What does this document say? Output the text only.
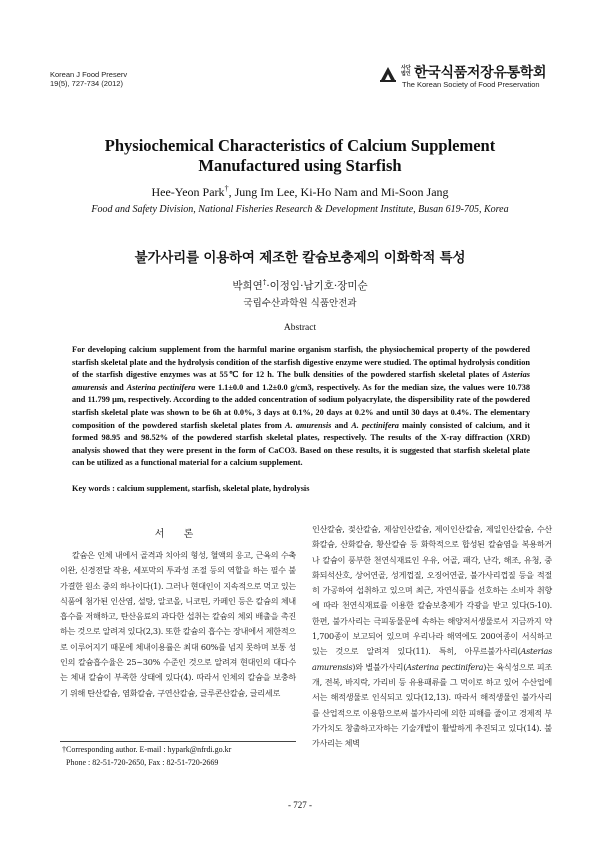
Korean J Food Preserv
19(5), 727-734 (2012)
사단
법인 한국식품저장유통학회
The Korean Society of Food Preservation
Physiochemical Characteristics of Calcium Supplement
Manufactured using Starfish
Hee-Yeon Park†, Jung Im Lee, Ki-Ho Nam and Mi-Soon Jang
Food and Safety Division, National Fisheries Research & Development Institute, Busan 619-705, Korea
불가사리를 이용하여 제조한 칼슘보충제의 이화학적 특성
박희연†·이정임·남기호·장미순
국립수산과학원 식품안전과
Abstract
For developing calcium supplement from the harmful marine organism starfish, the physiochemical property of the powdered starfish skeletal plate and the hydrolysis condition of the starfish digestive enzyme were studied. The optimal hydrolysis condition of the starfish digestive enzymes was at 55℃ for 12 h. The bulk densities of the powdered starfish skeletal plates of Asterias amurensis and Asterina pectinifera were 1.1±0.0 and 1.2±0.0 g/cm3, respectively. As for the median size, the values were 10.738 and 11.799 μm, respectively. According to the added concentration of sodium polyacrylate, the dispersibility rate of the powdered starfish skeletal plate was shown to be 6h at 0.0%, 3 days at 0.1%, 20 days at 0.2% and until 30 days at 0.4%. The elementary composition of the powdered starfish skeletal plates from A. amurensis and A. pectinifera mainly consisted of calcium, and it formed 98.95 and 98.52% of the powdered starfish skeletal plates, respectively. The results of the X-ray diffraction (XRD) analysis showed that they were present in the form of CaCO3. Based on these results, it is suggested that starfish skeletal plate can be utilized as a functional material for a calcium supplement.
Key words : calcium supplement, starfish, skeletal plate, hydrolysis
서 론

칼슘은 인체 내에서 골격과 치아의 형성, 혈액의 응고, 근육의 수축 이완, 신경전달 작용, 세포막의 투과성 조절 등의 역할을 하는 필수 불가결한 원소 중의 하나이다(1). 그러나 현대인이 지속적으로 먹고 있는 식품에 첨가된 인산염, 설탕, 알코올, 니코틴, 카페인 등은 칼슘의 체내 흡수를 저해하고, 탄산음료의 과다한 섭취는 칼슘의 체외 배출을 촉진하는 것으로 알려져 있다(2,3). 또한 칼슘의 흡수는 장내에서 제한적으로 이루어지기 때문에 체내이용률은 최대 60%를 넘지 못하며 보통 성인의 칼슘흡수율은 25~30% 수준인 것으로 알려져 현대인의 대다수는 체내 칼슘이 부족한 상태에 있다(4). 따라서 인체의 칼슘을 보충하기 위해 탄산칼슘, 염화칼슘, 구연산칼슘, 글루콘산칼슘, 글리세로

인산칼슘, 젖산칼슘, 제삼인산칼슘, 제이인산칼슘, 제일인산칼슘, 수산화칼슘, 산화칼슘, 황산칼슘 등 화학적으로 합성된 칼슘염을 복용하거나 칼슘이 풍부한 천연식재료인 우유, 어골, 패각, 난각, 해조, 유청, 중화되석산호, 상어연골, 성게껍질, 오징어연골, 불가사리껍질 등을 적절히 가공하여 섭취하고 있으며 최근, 자연식품을 선호하는 소비자 취향에 따라 천연식재료를 이용한 칼슘보충제가 각광을 받고 있다(5-10). 한편, 불가사리는 극피동물문에 속하는 해양저서생물로서 지금까지 약 1,700종이 보고되어 있으며 우리나라 해역에도 200여종이 서식하고 있는 것으로 알려져 있다(11). 특히, 아무르불가사리(Asterias amurensis)와 별불가사리(Asterina pectinifera)는 육식성으로 피조개, 전복, 바지락, 가리비 등 유용패류를 그 먹이로 하고 있어 수산업에서는 해적생물로 인식되고 있다(12,13). 따라서 해적생물인 불가사리를 산업적으로 이용함으로써 불가사리에 의한 피해를 줄이고 경제적 부가가치도 창출하고자하는 기술개발이 활발하게 추진되고 있다(14). 불가사리는 체벽

†Corresponding author. E-mail : hypark@nfrdi.go.kr
Phone : 82-51-720-2650, Fax : 82-51-720-2669
- 727 -
